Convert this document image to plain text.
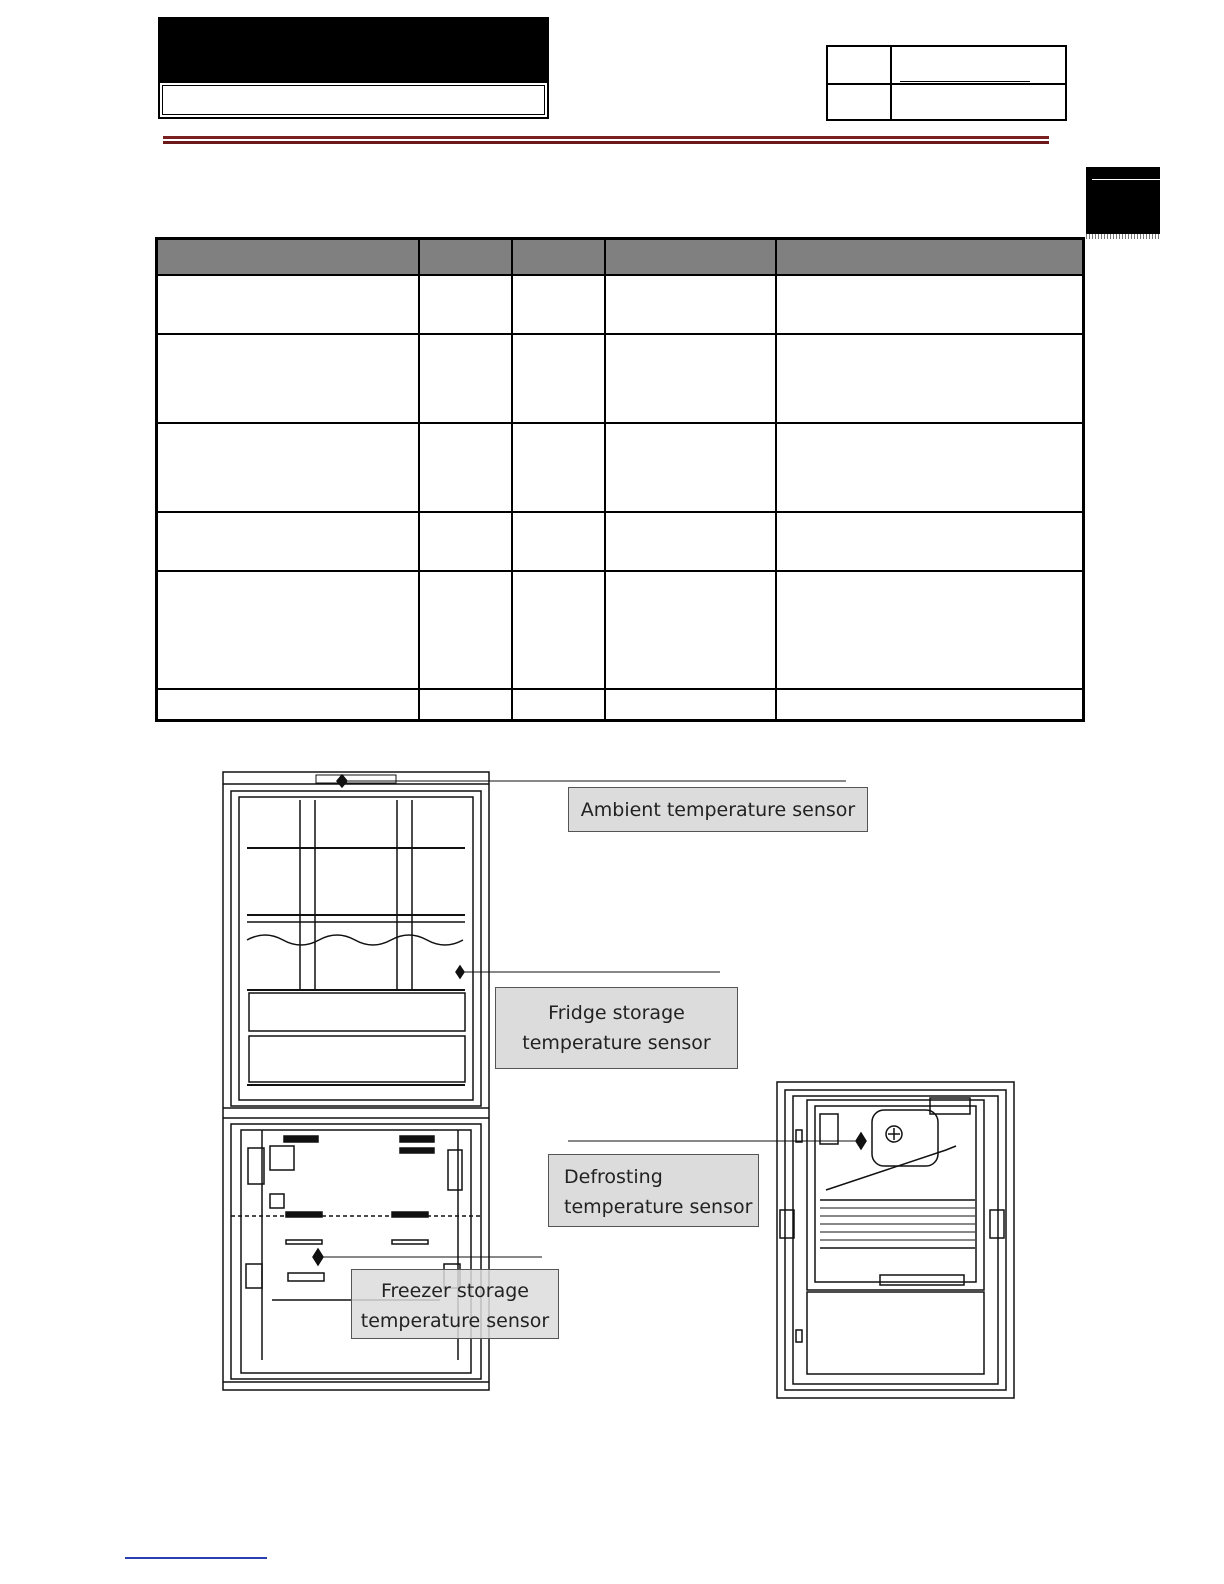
Ambient temperature sensor
Fridge storage
temperature sensor
Defrosting
temperature sensor
Freezer storage
temperature sensor
